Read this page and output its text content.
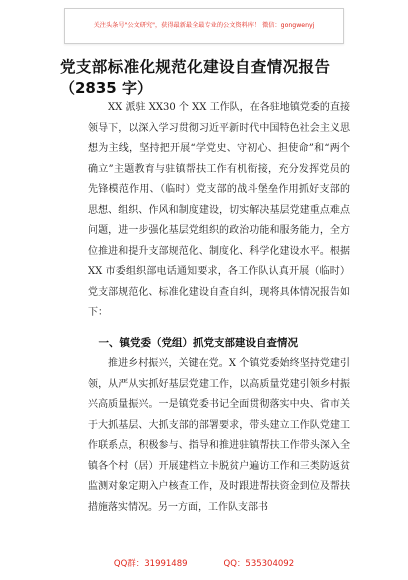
关注头条号"公文研究"，获得最新最全最专业的公文资料库！ 微信：gongwenyj
党支部标准化规范化建设自查情况报告
（2835 字）
XX 派驻 XX30 个 XX 工作队，在各驻地镇党委的直接领导下，以深入学习贯彻习近平新时代中国特色社会主义思想为主线，坚持把开展“学党史、守初心、担使命”和“两个确立”主题教育与驻镇帮扶工作有机衔接，充分发挥党员的先锋模范作用、（临时）党支部的战斗堡垒作用抓好支部的思想、组织、作风和制度建设，切实解决基层党建重点难点问题，进一步强化基层党组织的政治功能和服务能力，全方位推进和提升支部规范化、制度化、科学化建设水平。根据 XX 市委组织部电话通知要求，各工作队认真开展（临时）党支部规范化、标准化建设自查自纠，现将具体情况报告如下：
一、镇党委（党组）抓党支部建设自查情况
推进乡村振兴，关键在党。X 个镇党委始终坚持党建引领，从严从实抓好基层党建工作，以高质量党建引领乡村振兴高质量振兴。一是镇党委书记全面贯彻落实中央、省市关于大抓基层、大抓支部的部署要求，带头建立工作队党建工作联系点，积极参与、指导和推进驻镇帮扶工作带头深入全镇各个村（居）开展建档立卡脱贫户遍访工作和三类防返贫监测对象定期入户核查工作，及时跟进帮扶资金到位及帮扶措施落实情况。另一方面，工作队支部书
QQ群：31991489	QQ：535304092
